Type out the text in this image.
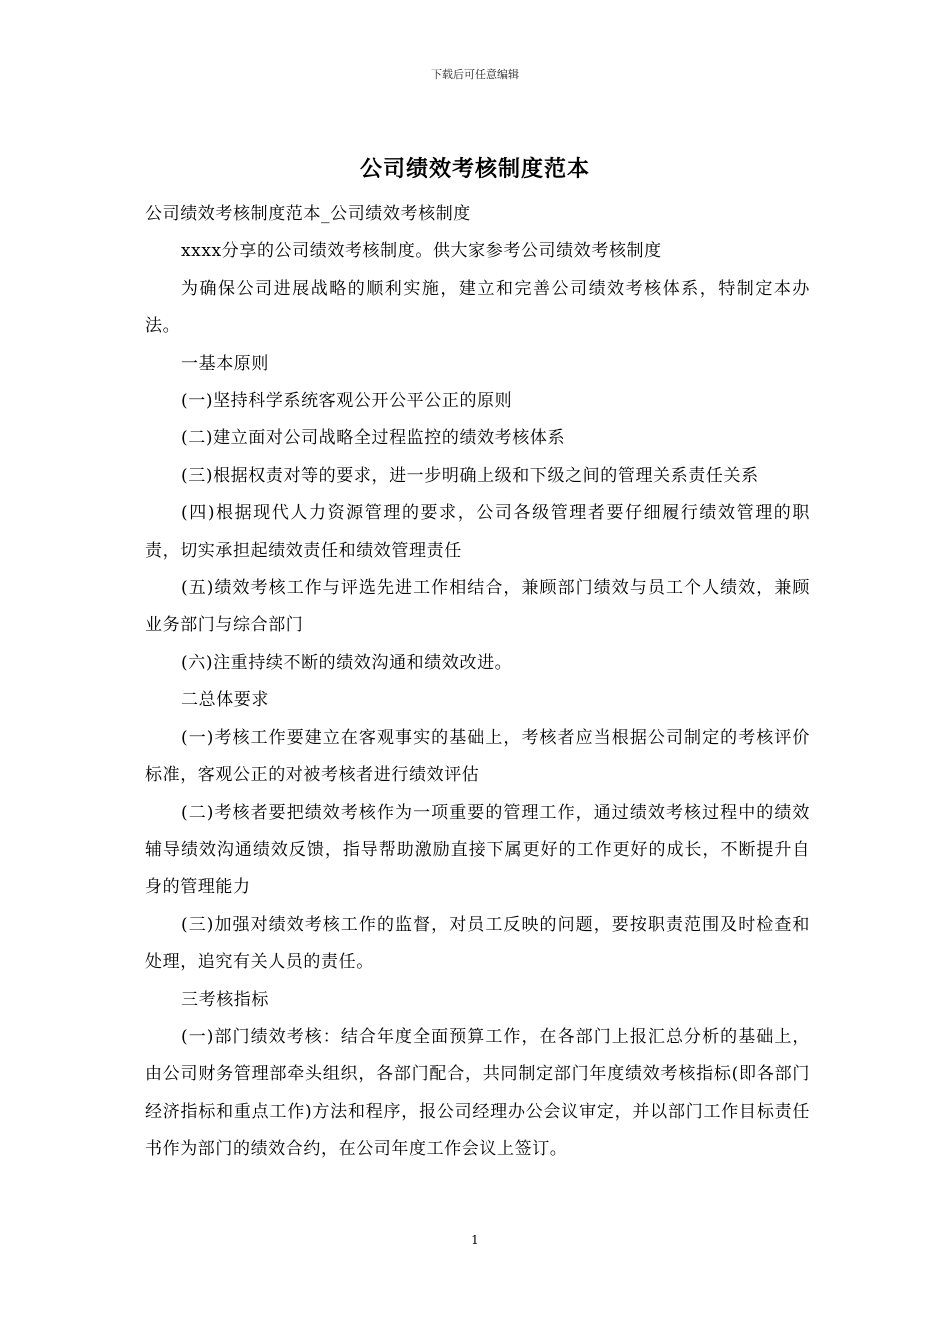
下载后可任意编辑
公司绩效考核制度范本

公司绩效考核制度范本_公司绩效考核制度

xxxx分享的公司绩效考核制度。供大家参考公司绩效考核制度

为确保公司进展战略的顺利实施，建立和完善公司绩效考核体系，特制定本办法。

一基本原则

(一)坚持科学系统客观公开公平公正的原则

(二)建立面对公司战略全过程监控的绩效考核体系

(三)根据权责对等的要求，进一步明确上级和下级之间的管理关系责任关系

(四)根据现代人力资源管理的要求，公司各级管理者要仔细履行绩效管理的职责，切实承担起绩效责任和绩效管理责任

(五)绩效考核工作与评选先进工作相结合，兼顾部门绩效与员工个人绩效，兼顾业务部门与综合部门

(六)注重持续不断的绩效沟通和绩效改进。

二总体要求

(一)考核工作要建立在客观事实的基础上，考核者应当根据公司制定的考核评价标准，客观公正的对被考核者进行绩效评估

(二)考核者要把绩效考核作为一项重要的管理工作，通过绩效考核过程中的绩效辅导绩效沟通绩效反馈，指导帮助激励直接下属更好的工作更好的成长，不断提升自身的管理能力

(三)加强对绩效考核工作的监督，对员工反映的问题，要按职责范围及时检查和处理，追究有关人员的责任。

三考核指标

(一)部门绩效考核：结合年度全面预算工作，在各部门上报汇总分析的基础上，由公司财务管理部牵头组织，各部门配合，共同制定部门年度绩效考核指标(即各部门经济指标和重点工作)方法和程序，报公司经理办公会议审定，并以部门工作目标责任书作为部门的绩效合约，在公司年度工作会议上签订。

1
